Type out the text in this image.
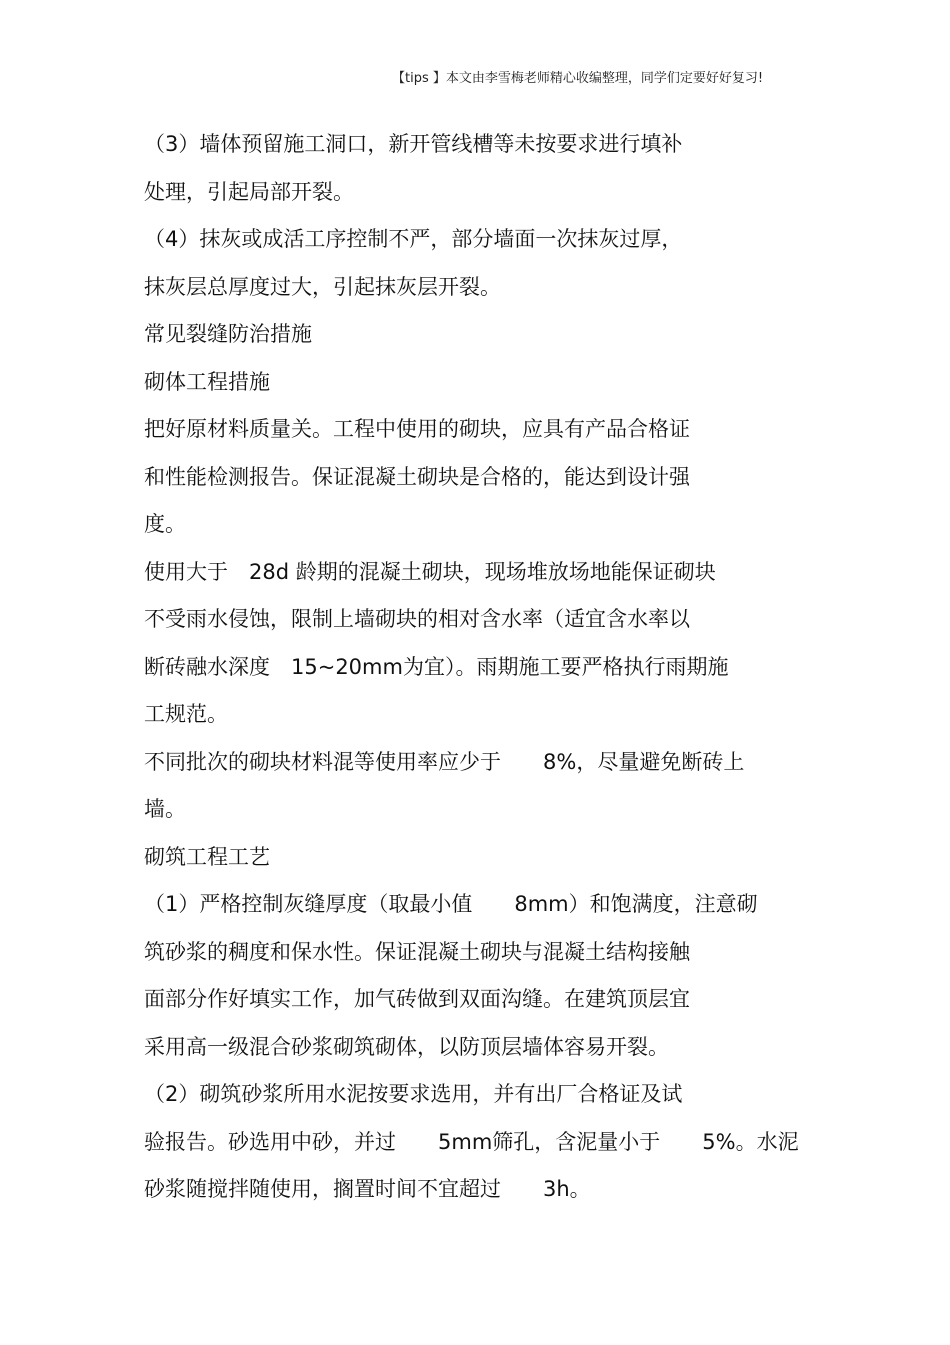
【tips 】本文由李雪梅老师精心收编整理，同学们定要好好复习!
（3）墙体预留施工洞口，新开管线槽等未按要求进行填补
处理，引起局部开裂。
（4）抹灰或成活工序控制不严，部分墙面一次抹灰过厚，
抹灰层总厚度过大，引起抹灰层开裂。
常见裂缝防治措施
砌体工程措施
把好原材料质量关。工程中使用的砌块，应具有产品合格证
和性能检测报告。保证混凝土砌块是合格的，能达到设计强
度。
使用大于　28d 龄期的混凝土砌块，现场堆放场地能保证砌块
不受雨水侵蚀，限制上墙砌块的相对含水率（适宜含水率以
断砖融水深度　15~20mm为宜）。雨期施工要严格执行雨期施
工规范。
不同批次的砌块材料混等使用率应少于　　8%，尽量避免断砖上
墙。
砌筑工程工艺
（1）严格控制灰缝厚度（取最小值　　8mm）和饱满度，注意砌
筑砂浆的稠度和保水性。保证混凝土砌块与混凝土结构接触
面部分作好填实工作，加气砖做到双面沟缝。在建筑顶层宜
采用高一级混合砂浆砌筑砌体，以防顶层墙体容易开裂。
（2）砌筑砂浆所用水泥按要求选用，并有出厂合格证及试
验报告。砂选用中砂，并过　　5mm筛孔，含泥量小于　　5%。水泥
砂浆随搅拌随使用，搁置时间不宜超过　　3h。
